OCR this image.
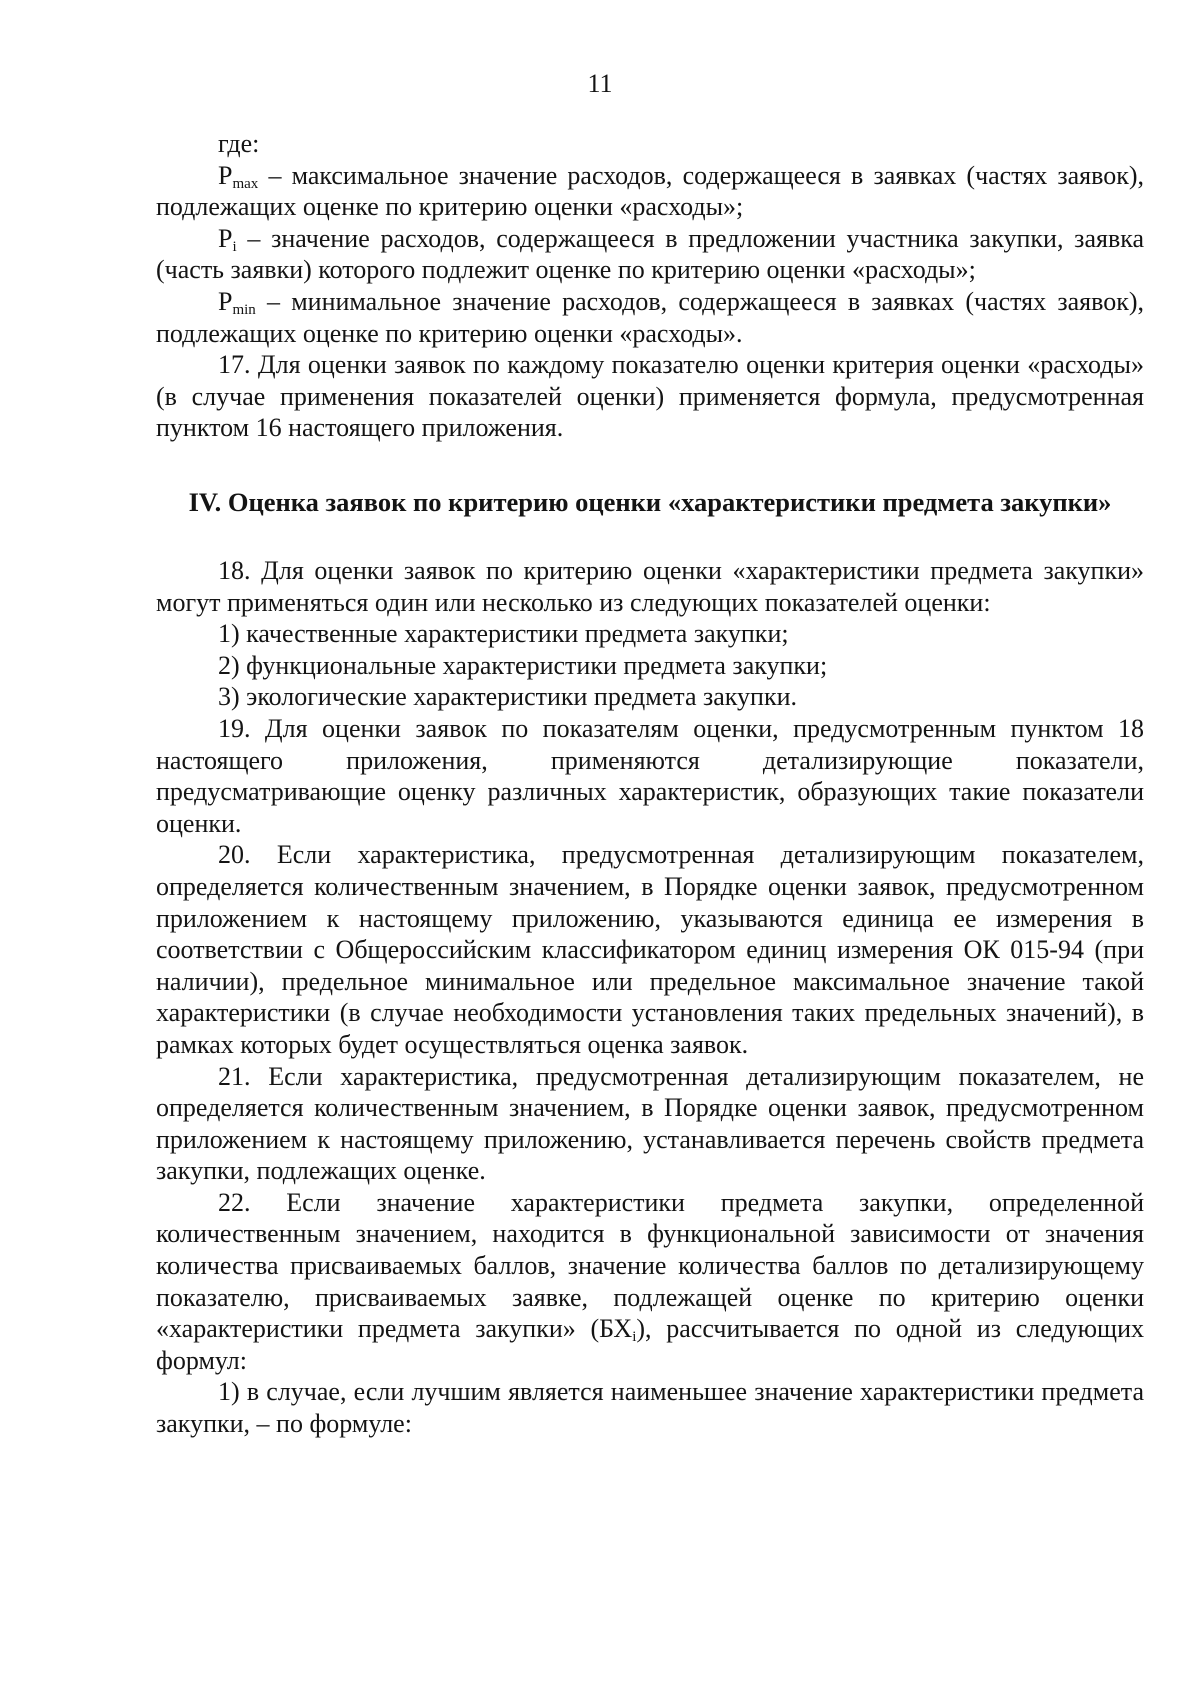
11

где:

$P_{max}$ – максимальное значение расходов, содержащееся в заявках (частях заявок), подлежащих оценке по критерию оценки «расходы»;

$P_i$ – значение расходов, содержащееся в предложении участника закупки, заявка (часть заявки) которого подлежит оценке по критерию оценки «расходы»;

$P_{min}$ – минимальное значение расходов, содержащееся в заявках (частях заявок), подлежащих оценке по критерию оценки «расходы».

17. Для оценки заявок по каждому показателю оценки критерия оценки «расходы» (в случае применения показателей оценки) применяется формула, предусмотренная пунктом 16 настоящего приложения.

IV. Оценка заявок по критерию оценки «характеристики предмета закупки»

18. Для оценки заявок по критерию оценки «характеристики предмета закупки» могут применяться один или несколько из следующих показателей оценки:

1) качественные характеристики предмета закупки;

2) функциональные характеристики предмета закупки;

3) экологические характеристики предмета закупки.

19. Для оценки заявок по показателям оценки, предусмотренным пунктом 18 настоящего приложения, применяются детализирующие показатели, предусматривающие оценку различных характеристик, образующих такие показатели оценки.

20. Если характеристика, предусмотренная детализирующим показателем, определяется количественным значением, в Порядке оценки заявок, предусмотренном приложением к настоящему приложению, указываются единица ее измерения в соответствии с Общероссийским классификатором единиц измерения ОК 015-94 (при наличии), предельное минимальное или предельное максимальное значение такой характеристики (в случае необходимости установления таких предельных значений), в рамках которых будет осуществляться оценка заявок.

21. Если характеристика, предусмотренная детализирующим показателем, не определяется количественным значением, в Порядке оценки заявок, предусмотренном приложением к настоящему приложению, устанавливается перечень свойств предмета закупки, подлежащих оценке.

22. Если значение характеристики предмета закупки, определенной количественным значением, находится в функциональной зависимости от значения количества присваиваемых баллов, значение количества баллов по детализирующему показателю, присваиваемых заявке, подлежащей оценке по критерию оценки «характеристики предмета закупки» $(БХ_i)$, рассчитывается по одной из следующих формул:

1) в случае, если лучшим является наименьшее значение характеристики предмета закупки, – по формуле:
